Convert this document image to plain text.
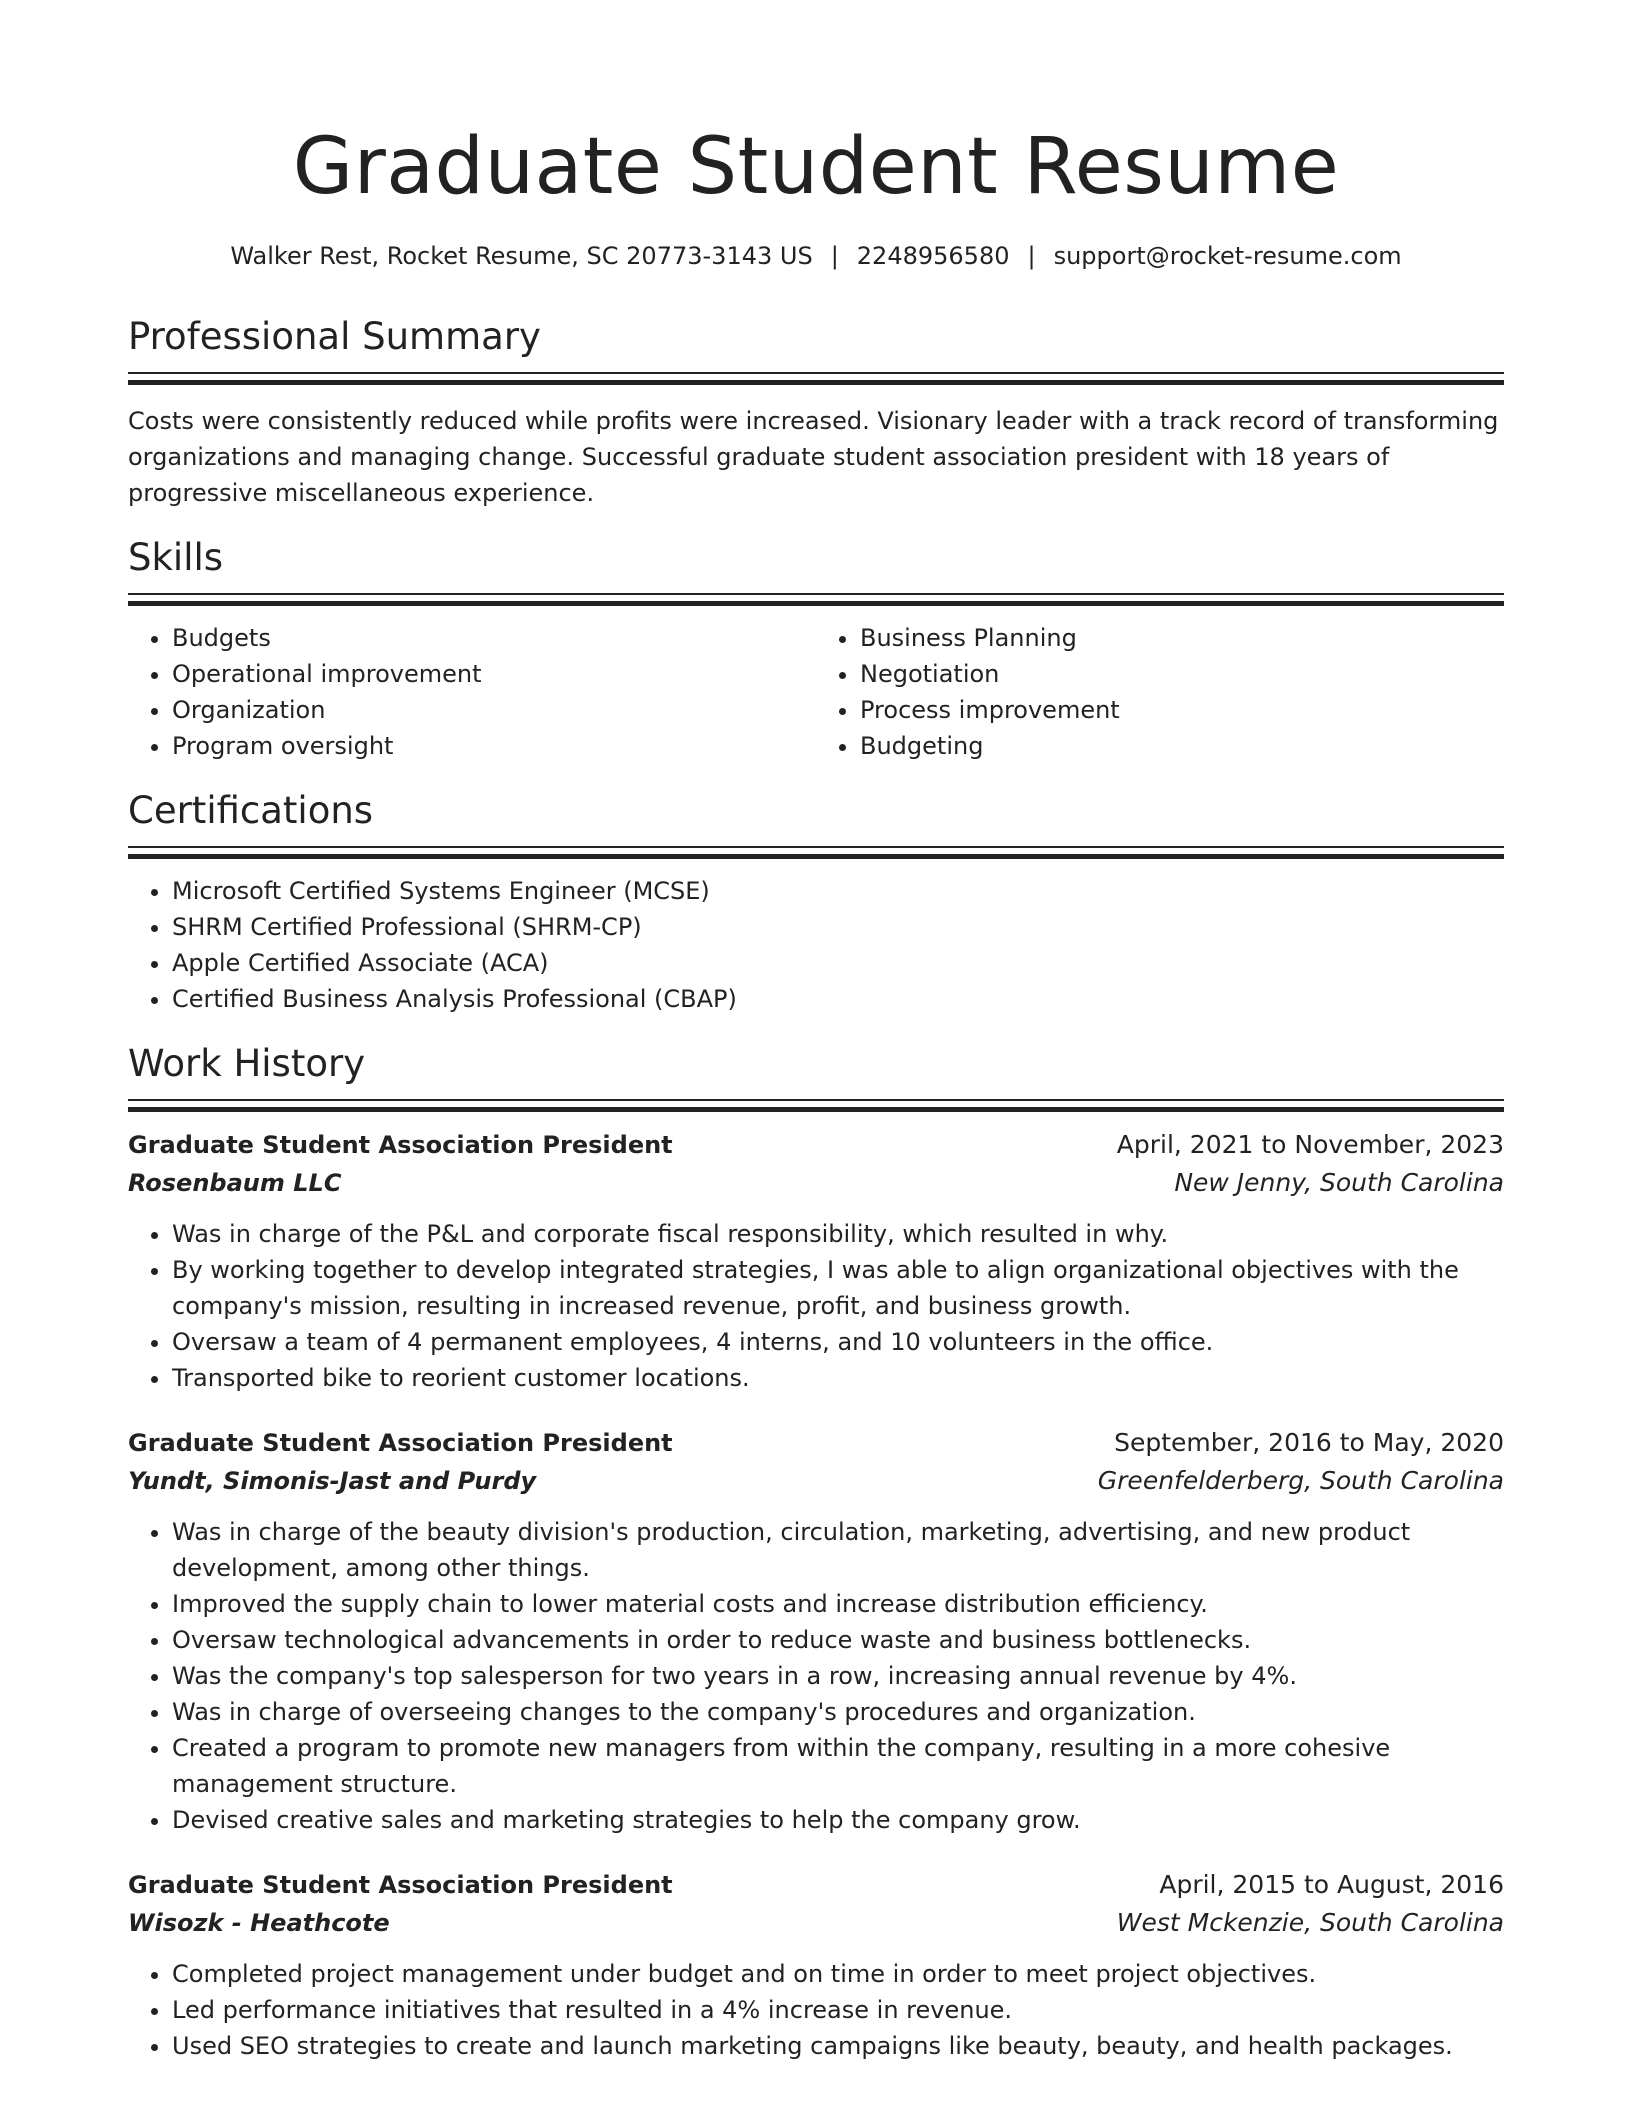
Graduate Student Resume
Walker Rest, Rocket Resume, SC 20773-3143 US | 2248956580 | support@rocket-resume.com
Professional Summary

Costs were consistently reduced while profits were increased. Visionary leader with a track record of transforming organizations and managing change. Successful graduate student association president with 18 years of progressive miscellaneous experience.

Skills
• Budgets
• Operational improvement
• Organization
• Program oversight
• Business Planning
• Negotiation
• Process improvement
• Budgeting
Certifications
• Microsoft Certified Systems Engineer (MCSE)
• SHRM Certified Professional (SHRM-CP)
• Apple Certified Associate (ACA)
• Certified Business Analysis Professional (CBAP)
Work History
Graduate Student Association President	April, 2021 to November, 2023
Rosenbaum LLC	New Jenny, South Carolina
• Was in charge of the P&L and corporate fiscal responsibility, which resulted in why.
• By working together to develop integrated strategies, I was able to align organizational objectives with the company's mission, resulting in increased revenue, profit, and business growth.
• Oversaw a team of 4 permanent employees, 4 interns, and 10 volunteers in the office.
• Transported bike to reorient customer locations.
Graduate Student Association President	September, 2016 to May, 2020
Yundt, Simonis-Jast and Purdy	Greenfelderberg, South Carolina
• Was in charge of the beauty division's production, circulation, marketing, advertising, and new product development, among other things.
• Improved the supply chain to lower material costs and increase distribution efficiency.
• Oversaw technological advancements in order to reduce waste and business bottlenecks.
• Was the company's top salesperson for two years in a row, increasing annual revenue by 4%.
• Was in charge of overseeing changes to the company's procedures and organization.
• Created a program to promote new managers from within the company, resulting in a more cohesive management structure.
• Devised creative sales and marketing strategies to help the company grow.
Graduate Student Association President	April, 2015 to August, 2016
Wisozk - Heathcote	West Mckenzie, South Carolina
• Completed project management under budget and on time in order to meet project objectives.
• Led performance initiatives that resulted in a 4% increase in revenue.
• Used SEO strategies to create and launch marketing campaigns like beauty, beauty, and health packages.
